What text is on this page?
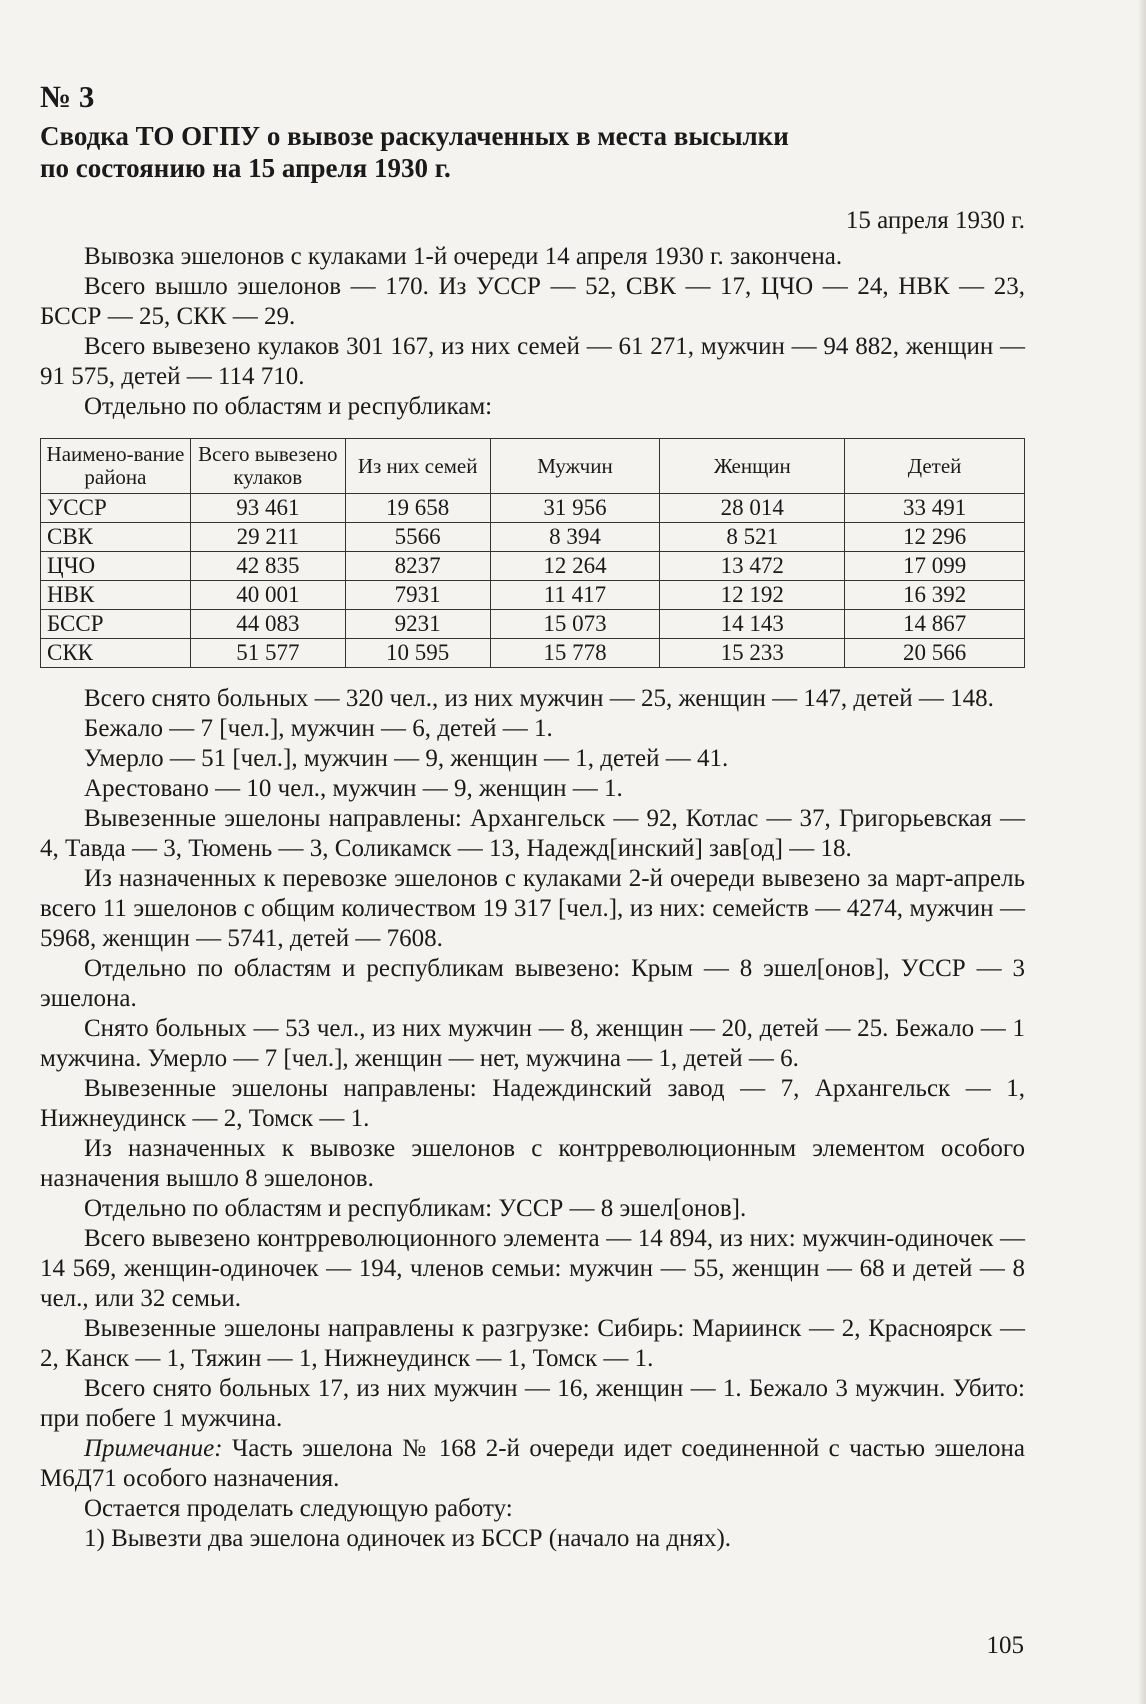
№ 3
Сводка ТО ОГПУ о вывозе раскулаченных в места высылки
по состоянию на 15 апреля 1930 г.
15 апреля 1930 г.

Вывозка эшелонов с кулаками 1-й очереди 14 апреля 1930 г. закончена.

Всего вышло эшелонов — 170. Из УССР — 52, СВК — 17, ЦЧО — 24, НВК — 23, БССР — 25, СКК — 29.

Всего вывезено кулаков 301 167, из них семей — 61 271, мужчин — 94 882, женщин — 91 575, детей — 114 710.

Отдельно по областям и республикам:

Наимено-вание района	Всего вывезено кулаков	Из них семей	Мужчин	Женщин	Детей
УССР	93 461	19 658	31 956	28 014	33 491
СВК	29 211	5566	8 394	8 521	12 296
ЦЧО	42 835	8237	12 264	13 472	17 099
НВК	40 001	7931	11 417	12 192	16 392
БССР	44 083	9231	15 073	14 143	14 867
СКК	51 577	10 595	15 778	15 233	20 566

Всего снято больных — 320 чел., из них мужчин — 25, женщин — 147, детей — 148.

Бежало — 7 [чел.], мужчин — 6, детей — 1.

Умерло — 51 [чел.], мужчин — 9, женщин — 1, детей — 41.

Арестовано — 10 чел., мужчин — 9, женщин — 1.

Вывезенные эшелоны направлены: Архангельск — 92, Котлас — 37, Григорьевская — 4, Тавда — 3, Тюмень — 3, Соликамск — 13, Надежд[инский] зав[од] — 18.

Из назначенных к перевозке эшелонов с кулаками 2-й очереди вывезено за март-апрель всего 11 эшелонов с общим количеством 19 317 [чел.], из них: семейств — 4274, мужчин — 5968, женщин — 5741, детей — 7608.

Отдельно по областям и республикам вывезено: Крым — 8 эшел[онов], УССР — 3 эшелона.

Снято больных — 53 чел., из них мужчин — 8, женщин — 20, детей — 25. Бежало — 1 мужчина. Умерло — 7 [чел.], женщин — нет, мужчина — 1, детей — 6.

Вывезенные эшелоны направлены: Надеждинский завод — 7, Архангельск — 1, Нижнеудинск — 2, Томск — 1.

Из назначенных к вывозке эшелонов с контрреволюционным элементом особого назначения вышло 8 эшелонов.

Отдельно по областям и республикам: УССР — 8 эшел[онов].

Всего вывезено контрреволюционного элемента — 14 894, из них: мужчин-одиночек — 14 569, женщин-одиночек — 194, членов семьи: мужчин — 55, женщин — 68 и детей — 8 чел., или 32 семьи.

Вывезенные эшелоны направлены к разгрузке: Сибирь: Мариинск — 2, Красноярск — 2, Канск — 1, Тяжин — 1, Нижнеудинск — 1, Томск — 1.

Всего снято больных 17, из них мужчин — 16, женщин — 1. Бежало 3 мужчин. Убито: при побеге 1 мужчина.

Примечание: Часть эшелона № 168 2-й очереди идет соединенной с частью эшелона М6Д71 особого назначения.

Остается проделать следующую работу:

1) Вывезти два эшелона одиночек из БССР (начало на днях).

105
